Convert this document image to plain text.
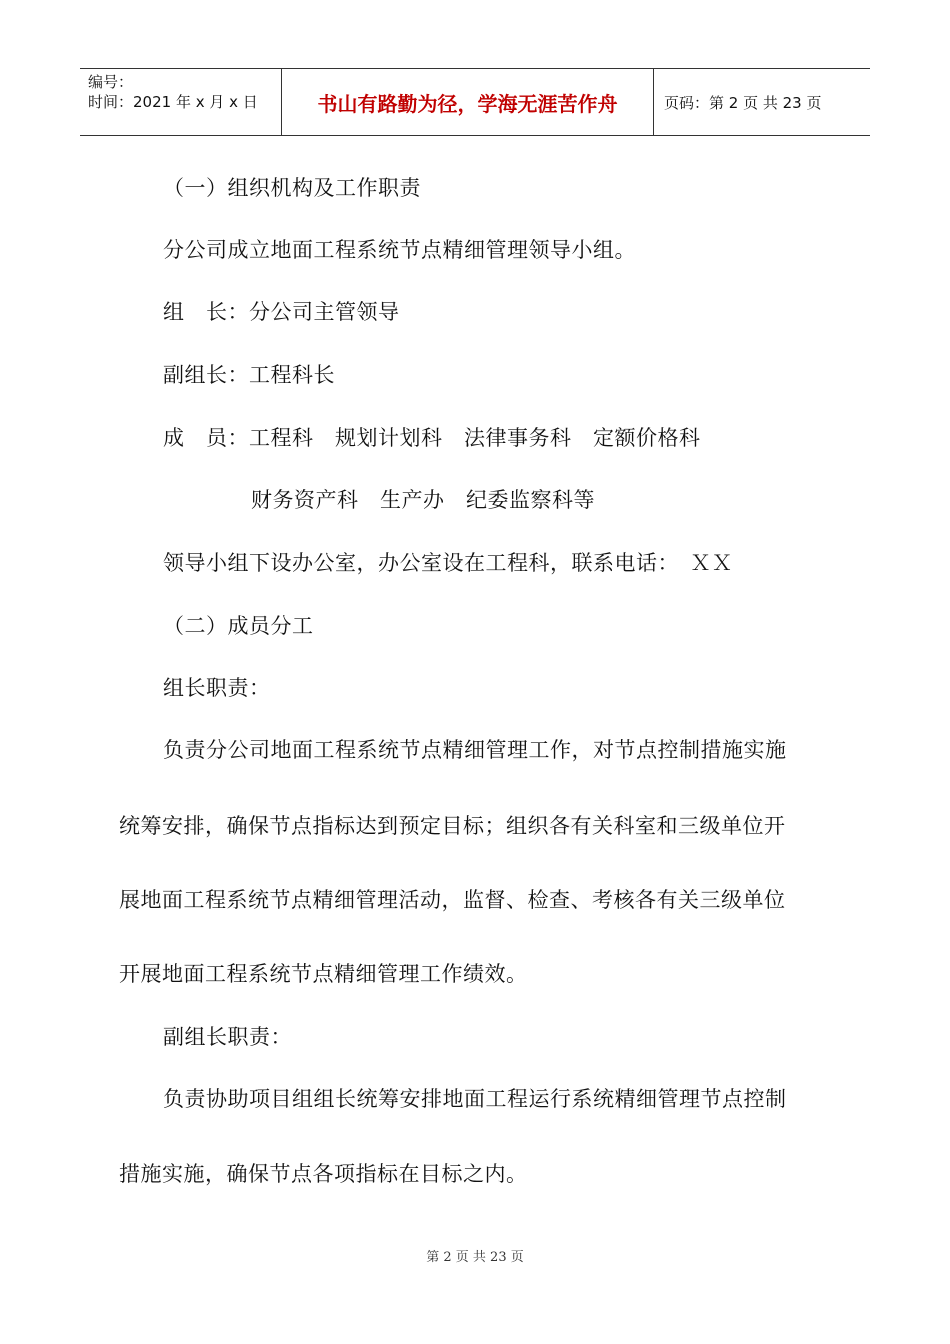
编号：
时间：2021 年 x 月 x 日	书山有路勤为径，学海无涯苦作舟	页码：第 2 页 共 23 页
（一）组织机构及工作职责
分公司成立地面工程系统节点精细管理领导小组。
组　长：分公司主管领导
副组长：工程科长
成　员：工程科　规划计划科　法律事务科　定额价格科
财务资产科　生产办　纪委监察科等
领导小组下设办公室，办公室设在工程科，联系电话：　ＸＸ
（二）成员分工
组长职责：
负责分公司地面工程系统节点精细管理工作，对节点控制措施实施
统筹安排，确保节点指标达到预定目标；组织各有关科室和三级单位开
展地面工程系统节点精细管理活动，监督、检查、考核各有关三级单位
开展地面工程系统节点精细管理工作绩效。
副组长职责：
负责协助项目组组长统筹安排地面工程运行系统精细管理节点控制
措施实施，确保节点各项指标在目标之内。
第 2 页 共 23 页
